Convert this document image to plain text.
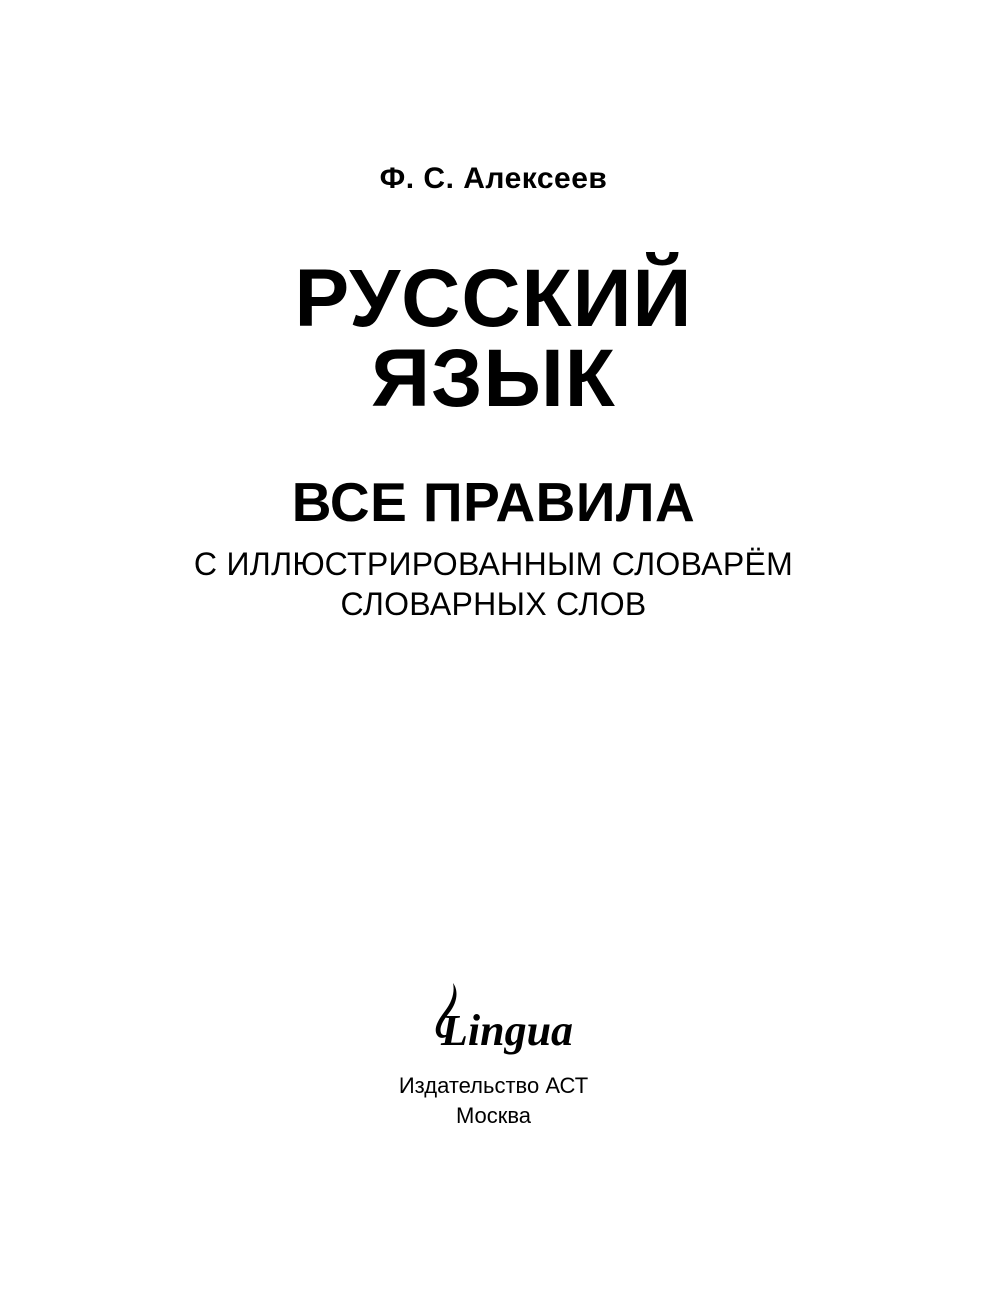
Ф. С. Алексеев
РУССКИЙ
ЯЗЫК
ВСЕ ПРАВИЛА
С ИЛЛЮСТРИРОВАННЫМ СЛОВАРЁМ
СЛОВАРНЫХ СЛОВ
Lingua
Издательство АСТ
Москва
